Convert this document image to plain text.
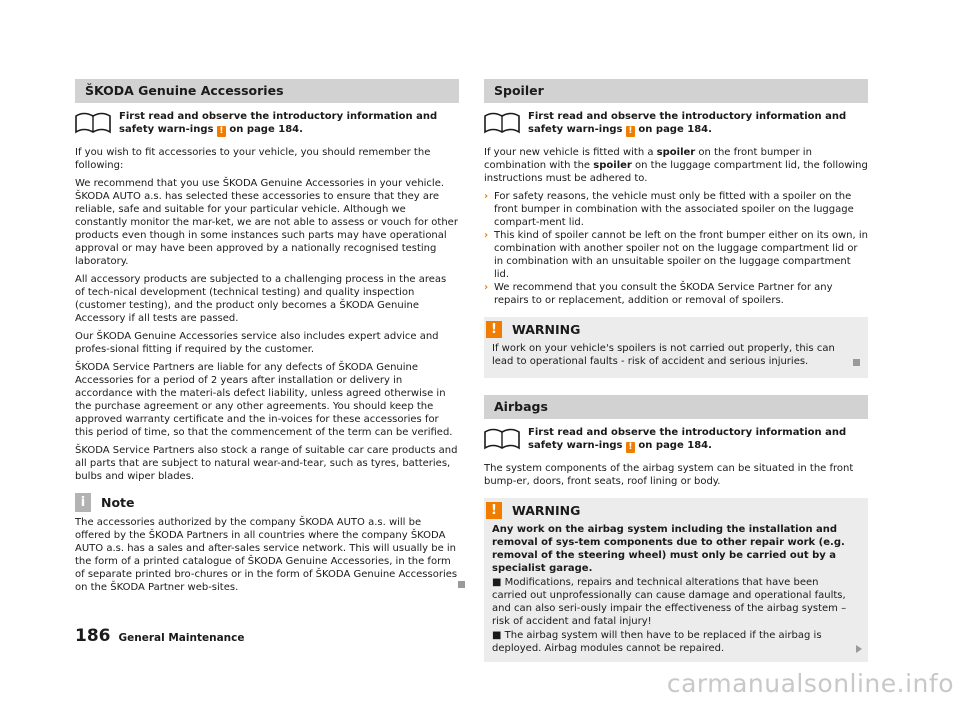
ŠKODA Genuine Accessories
First read and observe the introductory information and safety warn-ings ! on page 184.

If you wish to fit accessories to your vehicle, you should remember the following:

We recommend that you use ŠKODA Genuine Accessories in your vehicle. ŠKODA AUTO a.s. has selected these accessories to ensure that they are reliable, safe and suitable for your particular vehicle. Although we constantly monitor the mar-ket, we are not able to assess or vouch for other products even though in some instances such parts may have operational approval or may have been approved by a nationally recognised testing laboratory.

All accessory products are subjected to a challenging process in the areas of tech-nical development (technical testing) and quality inspection (customer testing), and the product only becomes a ŠKODA Genuine Accessory if all tests are passed.

Our ŠKODA Genuine Accessories service also includes expert advice and profes-sional fitting if required by the customer.

ŠKODA Service Partners are liable for any defects of ŠKODA Genuine Accessories for a period of 2 years after installation or delivery in accordance with the materi-als defect liability, unless agreed otherwise in the purchase agreement or any other agreements. You should keep the approved warranty certificate and the in-voices for these accessories for this period of time, so that the commencement of the term can be verified.

ŠKODA Service Partners also stock a range of suitable car care products and all parts that are subject to natural wear-and-tear, such as tyres, batteries, bulbs and wiper blades.

i	Note

The accessories authorized by the company ŠKODA AUTO a.s. will be offered by the ŠKODA Partners in all countries where the company ŠKODA AUTO a.s. has a sales and after-sales service network. This will usually be in the form of a printed catalogue of ŠKODA Genuine Accessories, in the form of separate printed bro-chures or in the form of ŠKODA Genuine Accessories on the ŠKODA Partner web-sites.

Spoiler
First read and observe the introductory information and safety warn-ings ! on page 184.

If your new vehicle is fitted with a spoiler on the front bumper in combination with the spoiler on the luggage compartment lid, the following instructions must be adhered to.

› For safety reasons, the vehicle must only be fitted with a spoiler on the front bumper in combination with the associated spoiler on the luggage compart-ment lid.
› This kind of spoiler cannot be left on the front bumper either on its own, in combination with another spoiler not on the luggage compartment lid or in combination with an unsuitable spoiler on the luggage compartment lid.
› We recommend that you consult the ŠKODA Service Partner for any repairs to or replacement, addition or removal of spoilers.
!	WARNING

If work on your vehicle's spoilers is not carried out properly, this can lead to operational faults - risk of accident and serious injuries.

Airbags
First read and observe the introductory information and safety warn-ings ! on page 184.

The system components of the airbag system can be situated in the front bump-er, doors, front seats, roof lining or body.

!	WARNING

Any work on the airbag system including the installation and removal of sys-tem components due to other repair work (e.g. removal of the steering wheel) must only be carried out by a specialist garage.

■ Modifications, repairs and technical alterations that have been carried out unprofessionally can cause damage and operational faults, and can also seri-ously impair the effectiveness of the airbag system – risk of accident and fatal injury!

■ The airbag system will then have to be replaced if the airbag is deployed. Airbag modules cannot be repaired.

186 General Maintenance
carmanualsonline.info
